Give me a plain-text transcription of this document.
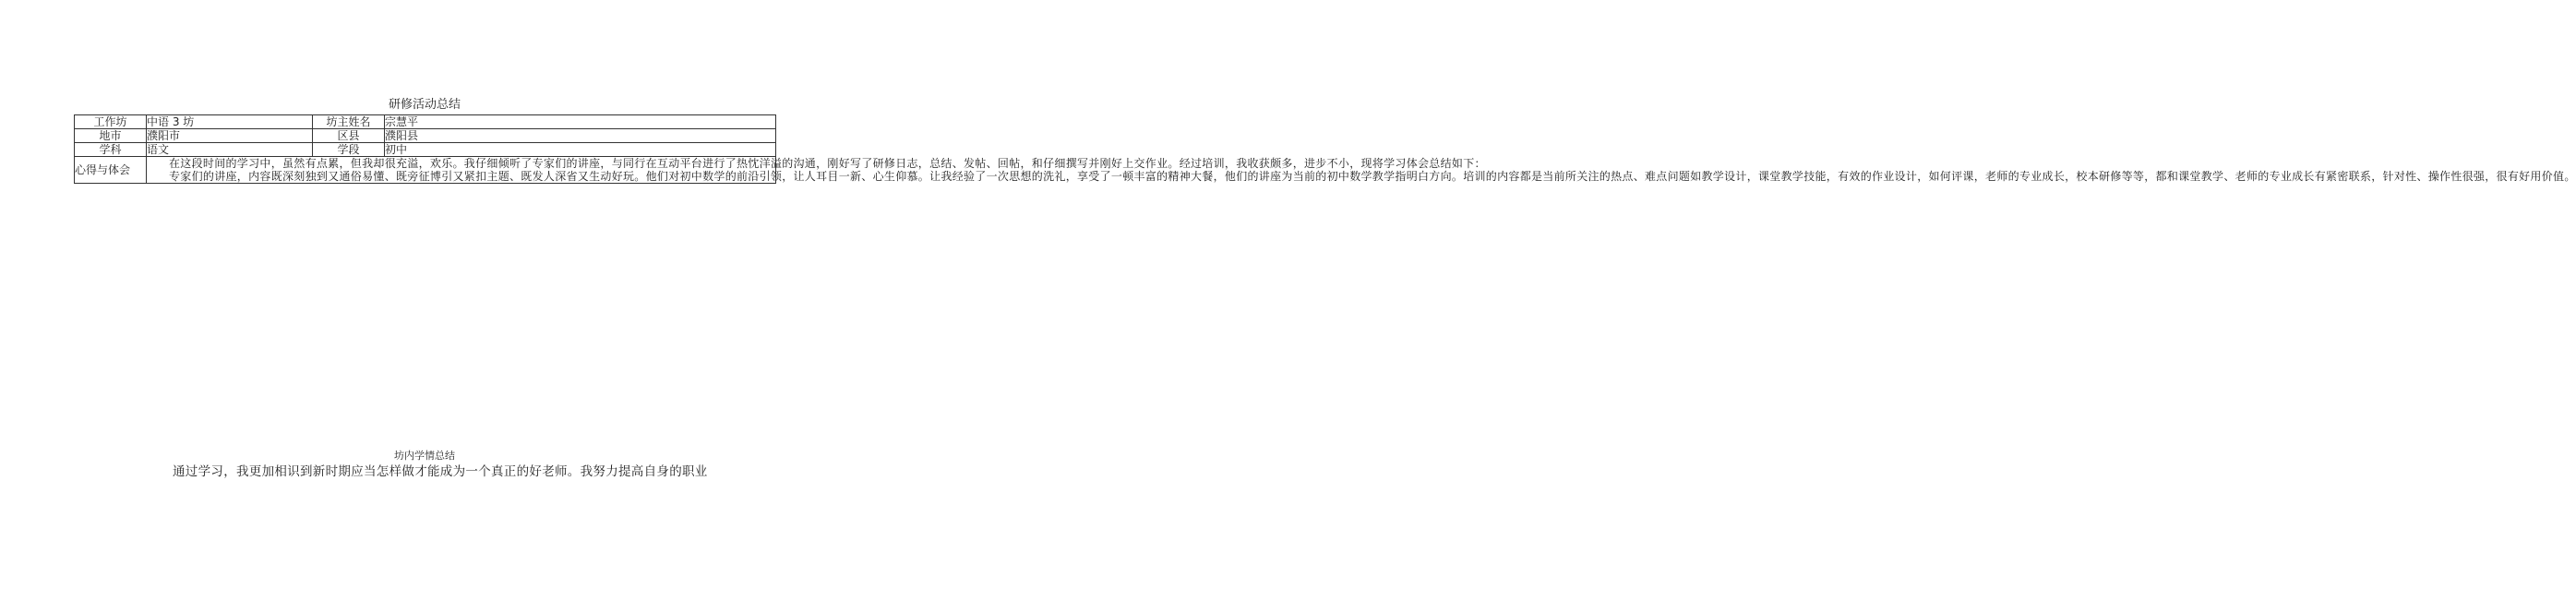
研修活动总结
工作坊	中语 3 坊	坊主姓名	宗慧平
地市	濮阳市	区县	濮阳县
学科	语文	学段	初中
心得与体会	在这段时间的学习中，虽然有点累，但我却很充溢，欢乐。我仔细倾听了专家们的讲座，与同行在互动平台进行了热忱洋溢的沟通，刚好写了研修日志，总结、发帖、回帖，和仔细撰写并刚好上交作业。经过培训，我收获颇多，进步不小，现将学习体会总结如下：

专家们的讲座，内容既深刻独到又通俗易懂、既旁征博引又紧扣主题、既发人深省又生动好玩。他们对初中数学的前沿引领，让人耳目一新、心生仰慕。让我经验了一次思想的洗礼，享受了一顿丰富的精神大餐，他们的讲座为当前的初中数学教学指明白方向。培训的内容都是当前所关注的热点、难点问题如教学设计，课堂教学技能，有效的作业设计，如何评课，老师的专业成长，校本研修等等，都和课堂教学、老师的专业成长有紧密联系，针对性、操作性很强，很有好用价值。		

坊内学情总结
通过学习，我更加相识到新时期应当怎样做才能成为一个真正的好老师。我努力提高自身的职业
